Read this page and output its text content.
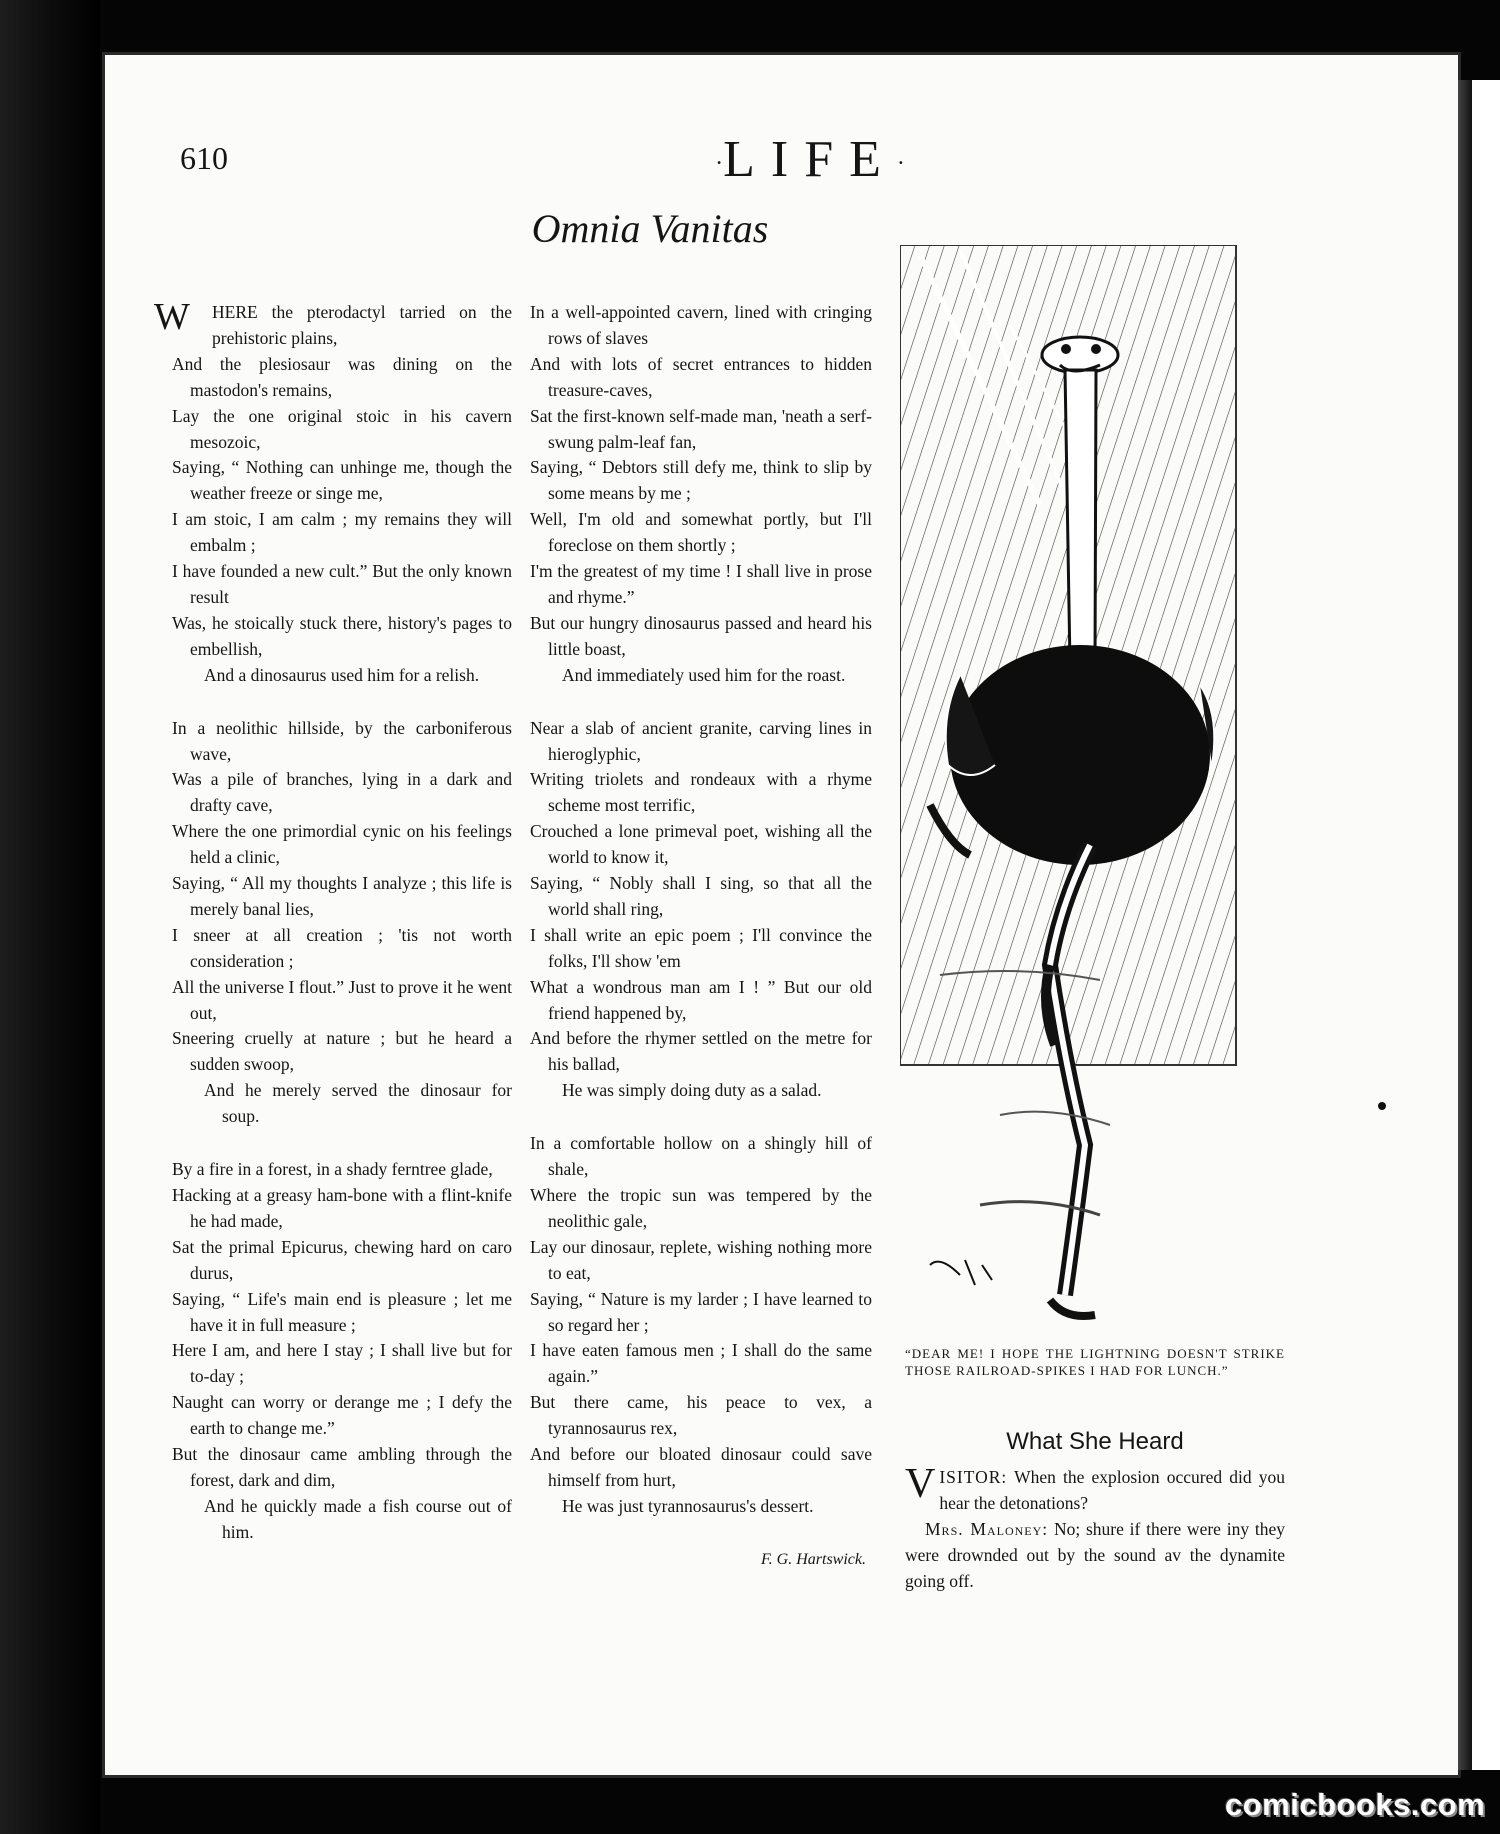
610	·LIFE·
Omnia Vanitas
W	HERE the pterodactyl tarried on the prehistoric plains,
And the plesiosaur was dining on the mastodon's remains,
Lay the one original stoic in his cavern mesozoic,
Saying, “ Nothing can unhinge me, though the weather freeze or singe me,
I am stoic, I am calm ; my remains they will embalm ;
I have founded a new cult.” But the only known result
Was, he stoically stuck there, history's pages to embellish,
And a dinosaurus used him for a relish.
In a neolithic hillside, by the carboniferous wave,
Was a pile of branches, lying in a dark and drafty cave,
Where the one primordial cynic on his feelings held a clinic,
Saying, “ All my thoughts I analyze ; this life is merely banal lies,
I sneer at all creation ; 'tis not worth consideration ;
All the universe I flout.” Just to prove it he went out,
Sneering cruelly at nature ; but he heard a sudden swoop,
And he merely served the dinosaur for soup.
By a fire in a forest, in a shady ferntree glade,
Hacking at a greasy ham-bone with a flint-knife he had made,
Sat the primal Epicurus, chewing hard on caro durus,
Saying, “ Life's main end is pleasure ; let me have it in full measure ;
Here I am, and here I stay ; I shall live but for to-day ;
Naught can worry or derange me ; I defy the earth to change me.”
But the dinosaur came ambling through the forest, dark and dim,
And he quickly made a fish course out of him.
In a well-appointed cavern, lined with cringing rows of slaves
And with lots of secret entrances to hidden treasure-caves,
Sat the first-known self-made man, 'neath a serf-swung palm-leaf fan,
Saying, “ Debtors still defy me, think to slip by some means by me ;
Well, I'm old and somewhat portly, but I'll foreclose on them shortly ;
I'm the greatest of my time ! I shall live in prose and rhyme.”
But our hungry dinosaurus passed and heard his little boast,
And immediately used him for the roast.
Near a slab of ancient granite, carving lines in hieroglyphic,
Writing triolets and rondeaux with a rhyme scheme most terrific,
Crouched a lone primeval poet, wishing all the world to know it,
Saying, “ Nobly shall I sing, so that all the world shall ring,
I shall write an epic poem ; I'll convince the folks, I'll show 'em
What a wondrous man am I ! ” But our old friend happened by,
And before the rhymer settled on the metre for his ballad,
He was simply doing duty as a salad.
In a comfortable hollow on a shingly hill of shale,
Where the tropic sun was tempered by the neolithic gale,
Lay our dinosaur, replete, wishing nothing more to eat,
Saying, “ Nature is my larder ; I have learned to so regard her ;
I have eaten famous men ; I shall do the same again.”
But there came, his peace to vex, a tyrannosaurus rex,
And before our bloated dinosaur could save himself from hurt,
He was just tyrannosaurus's dessert.
F. G. Hartswick.
“DEAR ME! I HOPE THE LIGHTNING DOESN'T STRIKE THOSE RAILROAD-SPIKES I HAD FOR LUNCH.”
What She Heard
VISITOR: When the explosion occured did you hear the detonations?
Mrs. Maloney: No; shure if there were iny they were drownded out by the sound av the dynamite going off.
comicbooks.com
